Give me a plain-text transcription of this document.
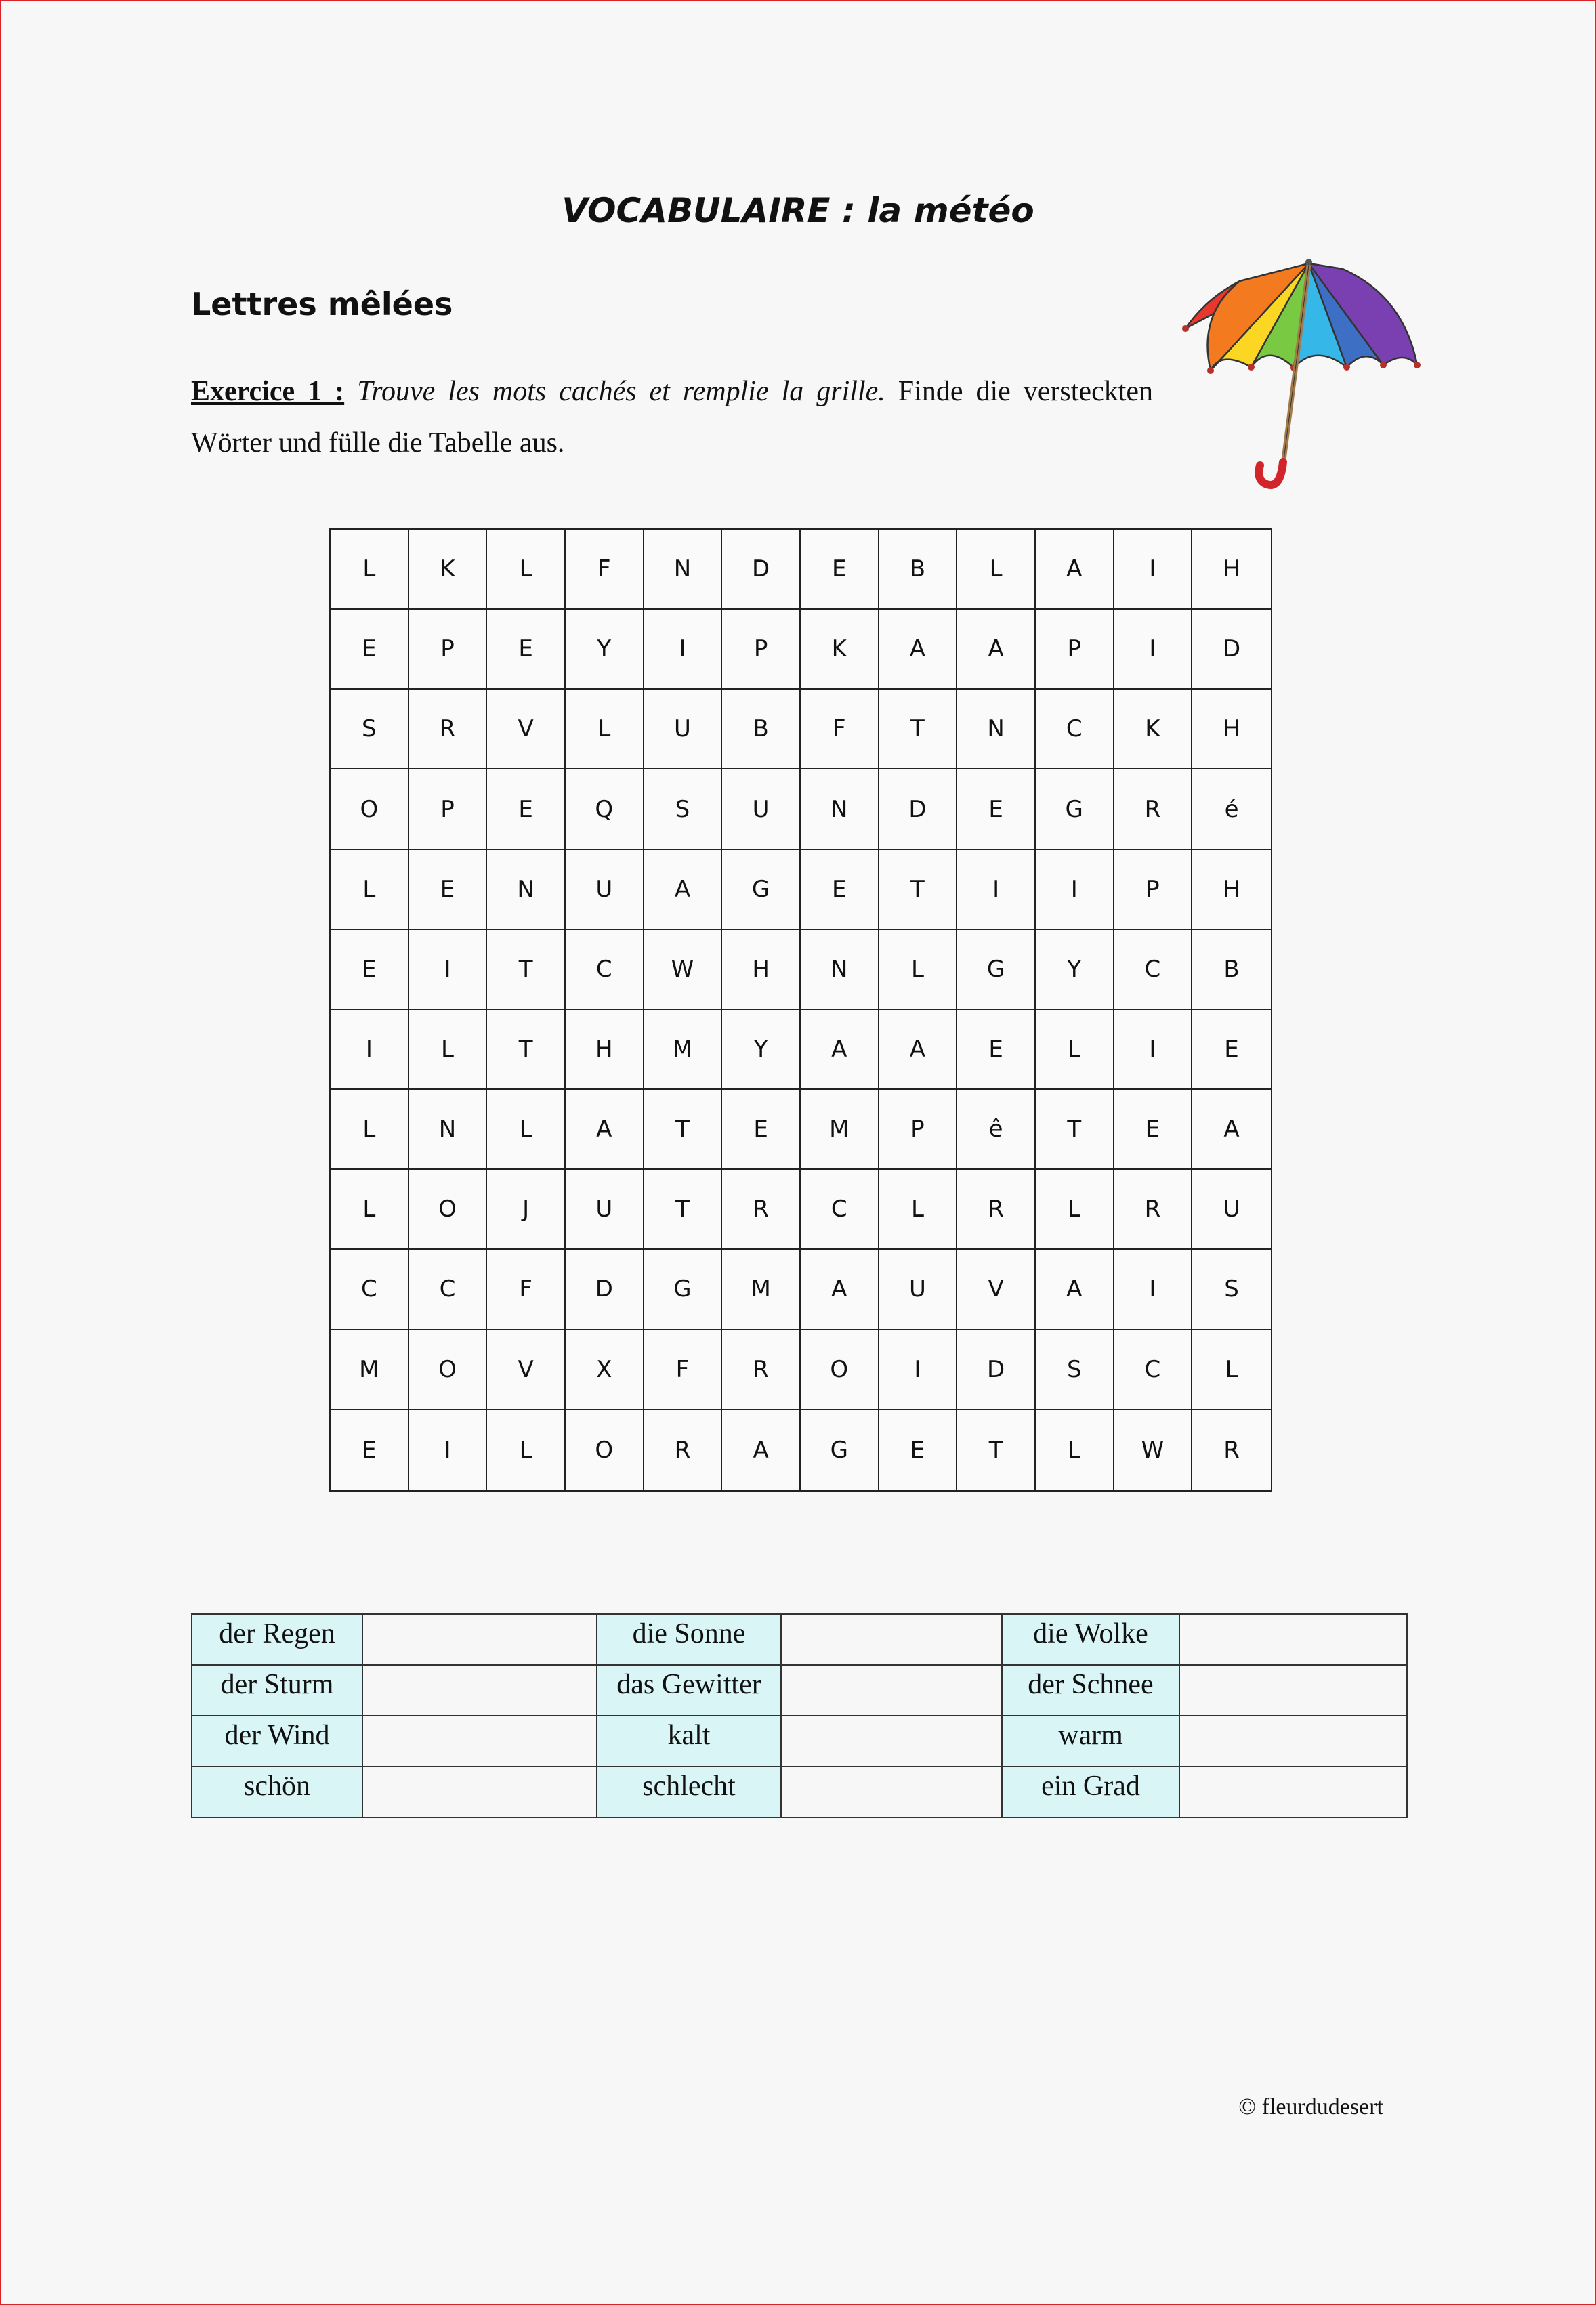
VOCABULAIRE : la météo
Lettres mêlées
Exercice 1 : Trouve les mots cachés et remplie la grille. Finde die versteckten Wörter und fülle die Tabelle aus.
L	K	L	F	N	D	E	B	L	A	I	H
E	P	E	Y	I	P	K	A	A	P	I	D
S	R	V	L	U	B	F	T	N	C	K	H
O	P	E	Q	S	U	N	D	E	G	R	é
L	E	N	U	A	G	E	T	I	I	P	H
E	I	T	C	W	H	N	L	G	Y	C	B
I	L	T	H	M	Y	A	A	E	L	I	E
L	N	L	A	T	E	M	P	ê	T	E	A
L	O	J	U	T	R	C	L	R	L	R	U
C	C	F	D	G	M	A	U	V	A	I	S
M	O	V	X	F	R	O	I	D	S	C	L
E	I	L	O	R	A	G	E	T	L	W	R
der Regen		die Sonne		die Wolke	
der Sturm		das Gewitter		der Schnee	
der Wind		kalt		warm	
schön		schlecht		ein Grad	
© fleurdudesert
